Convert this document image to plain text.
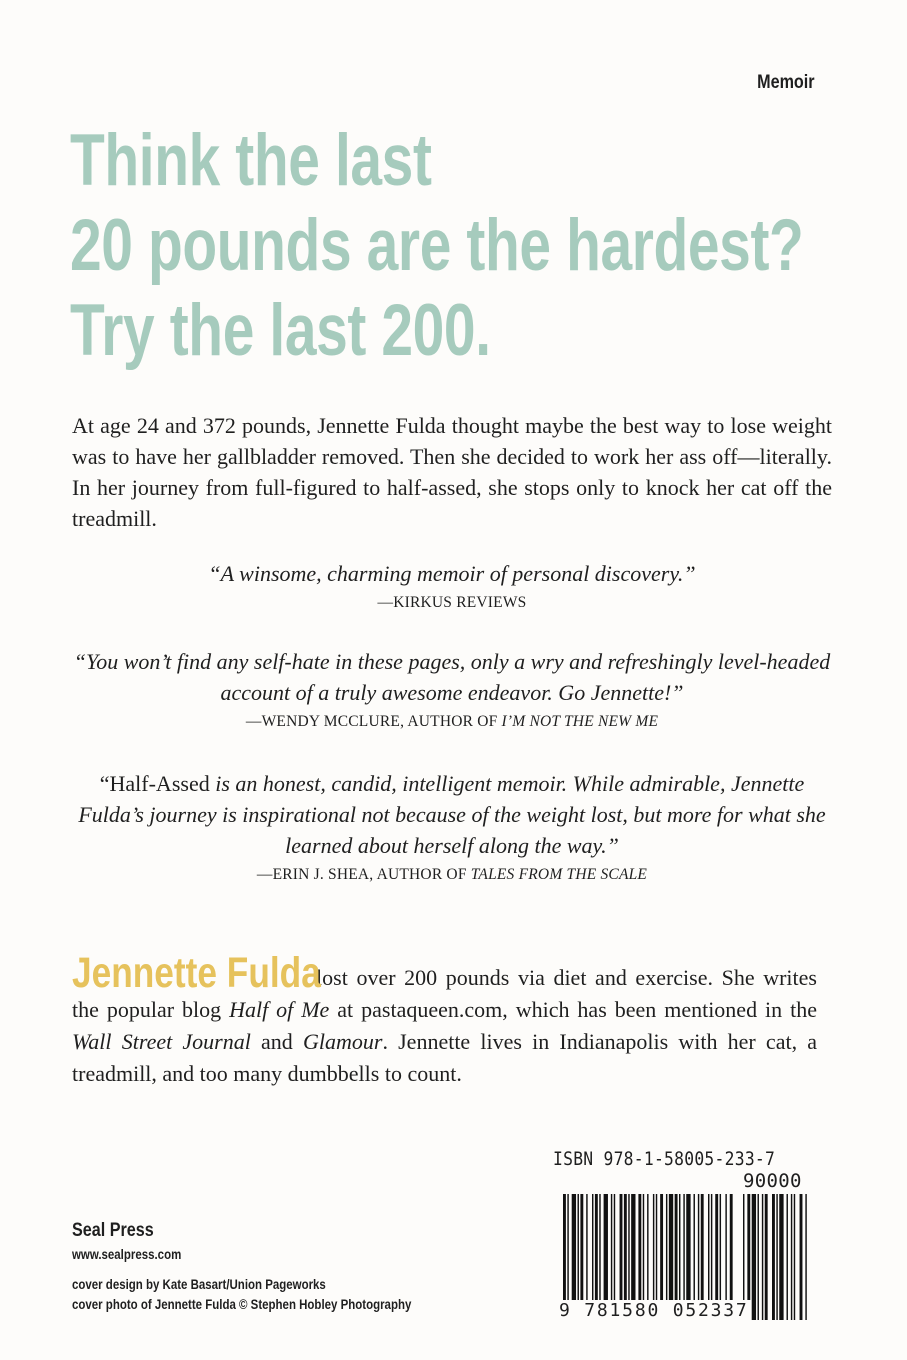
Memoir
Think the last
20 pounds are the hardest?
Try the last 200.
At age 24 and 372 pounds, Jennette Fulda thought maybe the best way to lose weight was to have her gallbladder removed. Then she decided to work her ass off—literally. In her journey from full-figured to half-assed, she stops only to knock her cat off the treadmill.
“A winsome, charming memoir of personal discovery.”
—KIRKUS REVIEWS
“You won’t find any self-hate in these pages, only a wry and refreshingly level-headed account of a truly awesome endeavor. Go Jennette!”
—WENDY MCCLURE, AUTHOR OF I’M NOT THE NEW ME
“Half-Assed is an honest, candid, intelligent memoir. While admirable, Jennette Fulda’s journey is inspirational not because of the weight lost, but more for what she learned about herself along the way.”
—ERIN J. SHEA, AUTHOR OF TALES FROM THE SCALE
Jennette Fulda lost over 200 pounds via diet and exercise. She writes the popular blog Half of Me at pastaqueen.com, which has been mentioned in the Wall Street Journal and Glamour. Jennette lives in Indianapolis with her cat, a treadmill, and too many dumbbells to count.
Seal Press
www.sealpress.com
cover design by Kate Basart/Union Pageworks
cover photo of Jennette Fulda © Stephen Hobley Photography
ISBN 978-1-58005-233-7
90000
9 781580 052337
